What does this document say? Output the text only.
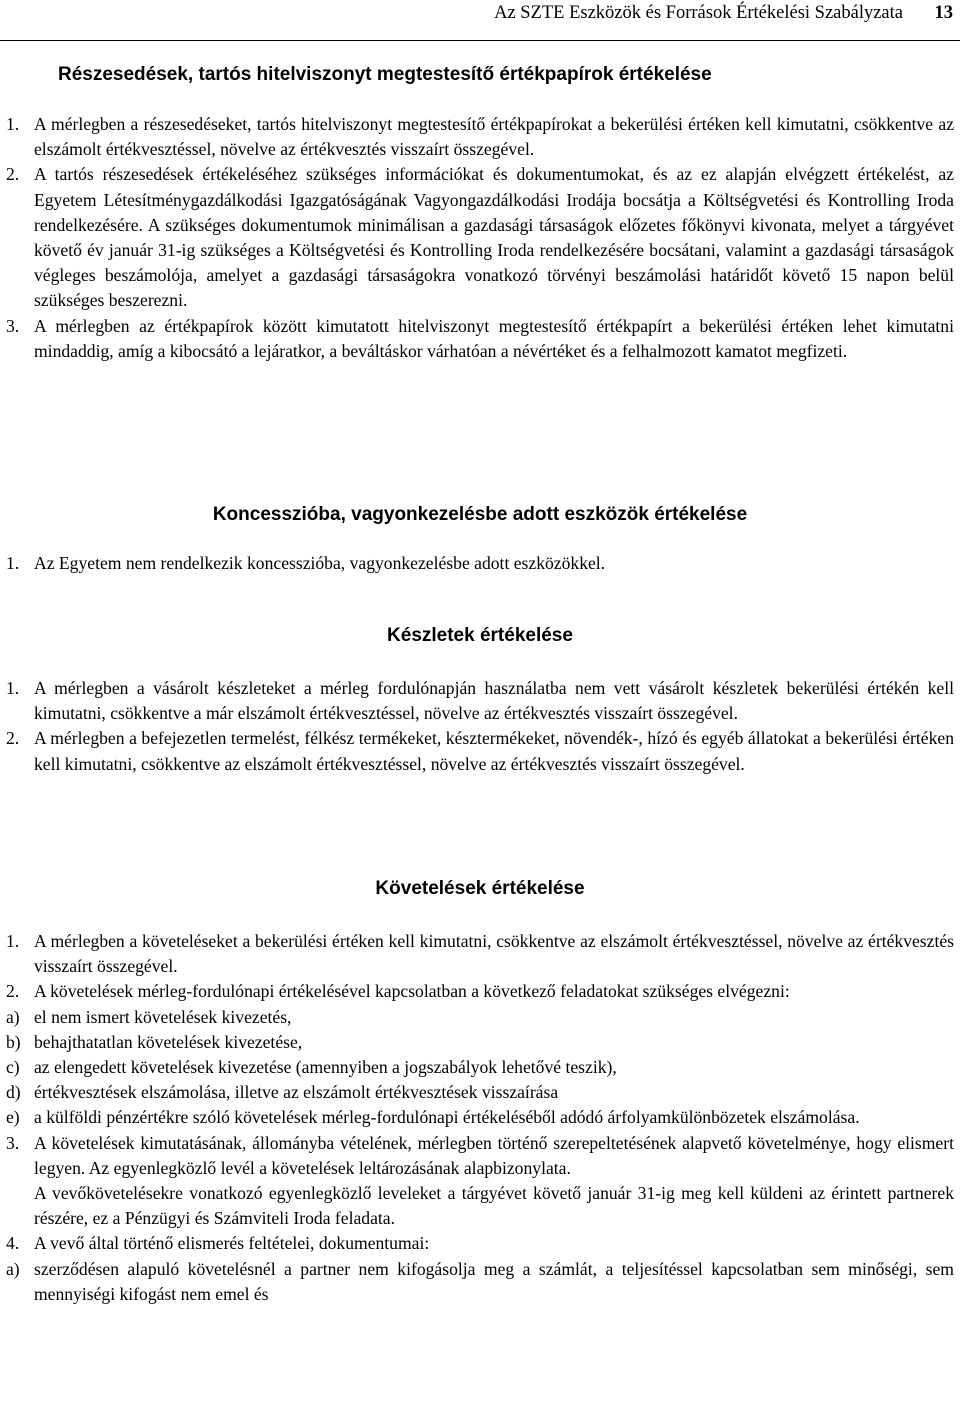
Az SZTE Eszközök és Források Értékelési Szabályzata 13
Részesedések, tartós hitelviszonyt megtestesítő értékpapírok értékelése
1. A mérlegben a részesedéseket, tartós hitelviszonyt megtestesítő értékpapírokat a bekerülési értéken kell kimutatni, csökkentve az elszámolt értékvesztéssel, növelve az értékvesztés visszaírt összegével.
2. A tartós részesedések értékeléséhez szükséges információkat és dokumentumokat, és az ez alapján elvégzett értékelést, az Egyetem Létesítménygazdálkodási Igazgatóságának Vagyongazdálkodási Irodája bocsátja a Költségvetési és Kontrolling Iroda rendelkezésére. A szükséges dokumentumok minimálisan a gazdasági társaságok előzetes főkönyvi kivonata, melyet a tárgyévet követő év január 31-ig szükséges a Költségvetési és Kontrolling Iroda rendelkezésére bocsátani, valamint a gazdasági társaságok végleges beszámolója, amelyet a gazdasági társaságokra vonatkozó törvényi beszámolási határidőt követő 15 napon belül szükséges beszerezni.
3. A mérlegben az értékpapírok között kimutatott hitelviszonyt megtestesítő értékpapírt a bekerülési értéken lehet kimutatni mindaddig, amíg a kibocsátó a lejáratkor, a beváltáskor várhatóan a névértéket és a felhalmozott kamatot megfizeti.
Koncesszióba, vagyonkezelésbe adott eszközök értékelése
1. Az Egyetem nem rendelkezik koncesszióba, vagyonkezelésbe adott eszközökkel.
Készletek értékelése
1. A mérlegben a vásárolt készleteket a mérleg fordulónapján használatba nem vett vásárolt készletek bekerülési értékén kell kimutatni, csökkentve a már elszámolt értékvesztéssel, növelve az értékvesztés visszaírt összegével.
2. A mérlegben a befejezetlen termelést, félkész termékeket, késztermékeket, növendék-, hízó és egyéb állatokat a bekerülési értéken kell kimutatni, csökkentve az elszámolt értékvesztéssel, növelve az értékvesztés visszaírt összegével.
Követelések értékelése
1. A mérlegben a követeléseket a bekerülési értéken kell kimutatni, csökkentve az elszámolt értékvesztéssel, növelve az értékvesztés visszaírt összegével.
2. A követelések mérleg-fordulónapi értékelésével kapcsolatban a következő feladatokat szükséges elvégezni:
a) el nem ismert követelések kivezetés,
b) behajthatatlan követelések kivezetése,
c) az elengedett követelések kivezetése (amennyiben a jogszabályok lehetővé teszik),
d) értékvesztések elszámolása, illetve az elszámolt értékvesztések visszaírása
e) a külföldi pénzértékre szóló követelések mérleg-fordulónapi értékeléséből adódó árfolyamkülönbözetek elszámolása.
3. A követelések kimutatásának, állományba vételének, mérlegben történő szerepeltetésének alapvető követelménye, hogy elismert legyen. Az egyenlegközlő levél a követelések leltározásának alapbizonylata.

A vevőkövetelésekre vonatkozó egyenlegközlő leveleket a tárgyévet követő január 31-ig meg kell küldeni az érintett partnerek részére, ez a Pénzügyi és Számviteli Iroda feladata.

4. A vevő által történő elismerés feltételei, dokumentumai:
a) szerződésen alapuló követelésnél a partner nem kifogásolja meg a számlát, a teljesítéssel kapcsolatban sem minőségi, sem mennyiségi kifogást nem emel és
